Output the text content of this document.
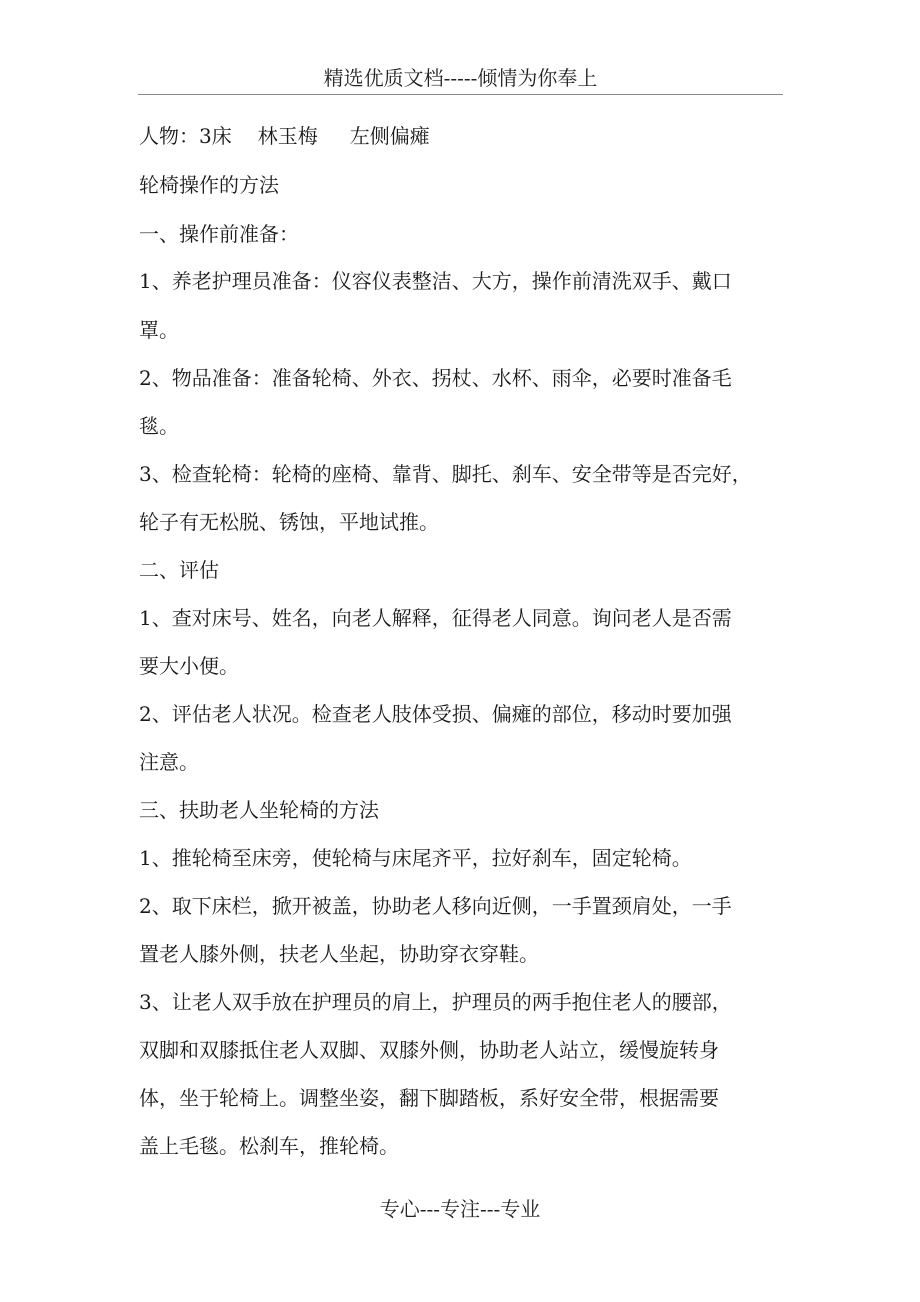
精选优质文档-----倾情为你奉上
人物：3床 林玉梅 左侧偏瘫
轮椅操作的方法
一、操作前准备：
1、养老护理员准备：仪容仪表整洁、大方，操作前清洗双手、戴口
罩。
2、物品准备：准备轮椅、外衣、拐杖、水杯、雨伞，必要时准备毛
毯。
3、检查轮椅：轮椅的座椅、靠背、脚托、刹车、安全带等是否完好，
轮子有无松脱、锈蚀，平地试推。
二、评估
1、查对床号、姓名，向老人解释，征得老人同意。询问老人是否需
要大小便。
2、评估老人状况。检查老人肢体受损、偏瘫的部位，移动时要加强
注意。
三、扶助老人坐轮椅的方法
1、推轮椅至床旁，使轮椅与床尾齐平，拉好刹车，固定轮椅。
2、取下床栏，掀开被盖，协助老人移向近侧，一手置颈肩处，一手
置老人膝外侧，扶老人坐起，协助穿衣穿鞋。
3、让老人双手放在护理员的肩上，护理员的两手抱住老人的腰部，
双脚和双膝抵住老人双脚、双膝外侧，协助老人站立，缓慢旋转身
体，坐于轮椅上。调整坐姿，翻下脚踏板，系好安全带，根据需要
盖上毛毯。松刹车，推轮椅。
专心---专注---专业
